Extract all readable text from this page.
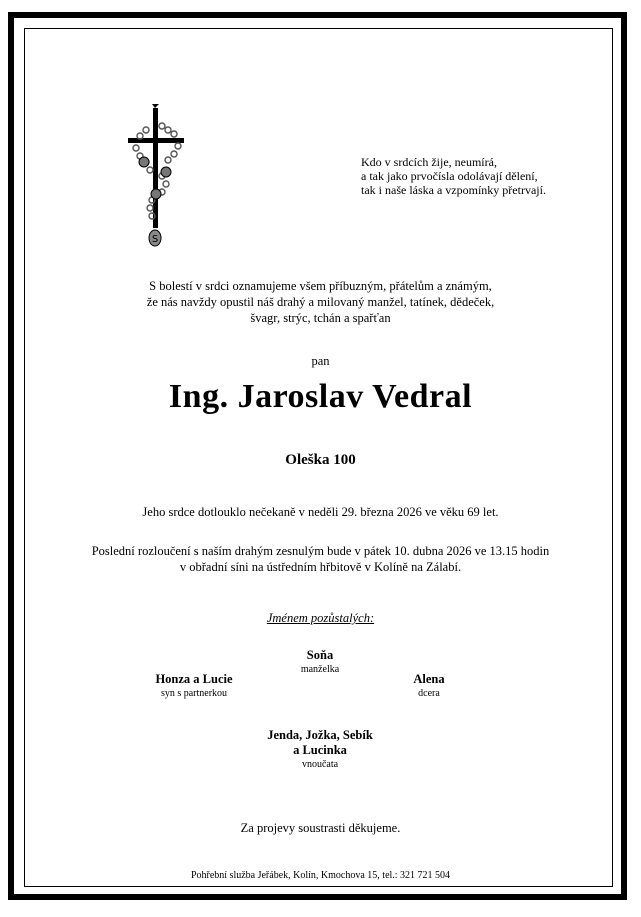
S
Kdo v srdcích žije, neumírá,
a tak jako prvočísla odolávají dělení,
tak i naše láska a vzpomínky přetrvají.
S bolestí v srdci oznamujeme všem příbuzným, přátelům a známým,
že nás navždy opustil náš drahý a milovaný manžel, tatínek, dědeček,
švagr, strýc, tchán a spařťan
pan
Ing. Jaroslav Vedral
Oleška 100
Jeho srdce dotlouklo nečekaně v neděli 29. března 2026 ve věku 69 let.
Poslední rozloučení s naším drahým zesnulým bude v pátek 10. dubna 2026 ve 13.15 hodin
v obřadní síni na ústředním hřbitově v Kolíně na Zálabí.
Jménem pozůstalých:
Soňa
manželka
Honza a Lucie
syn s partnerkou
Alena
dcera
Jenda, Jožka, Sebík
a Lucinka
vnoučata
Za projevy soustrasti děkujeme.
Pohřební služba Jeřábek, Kolín, Kmochova 15, tel.: 321 721 504
